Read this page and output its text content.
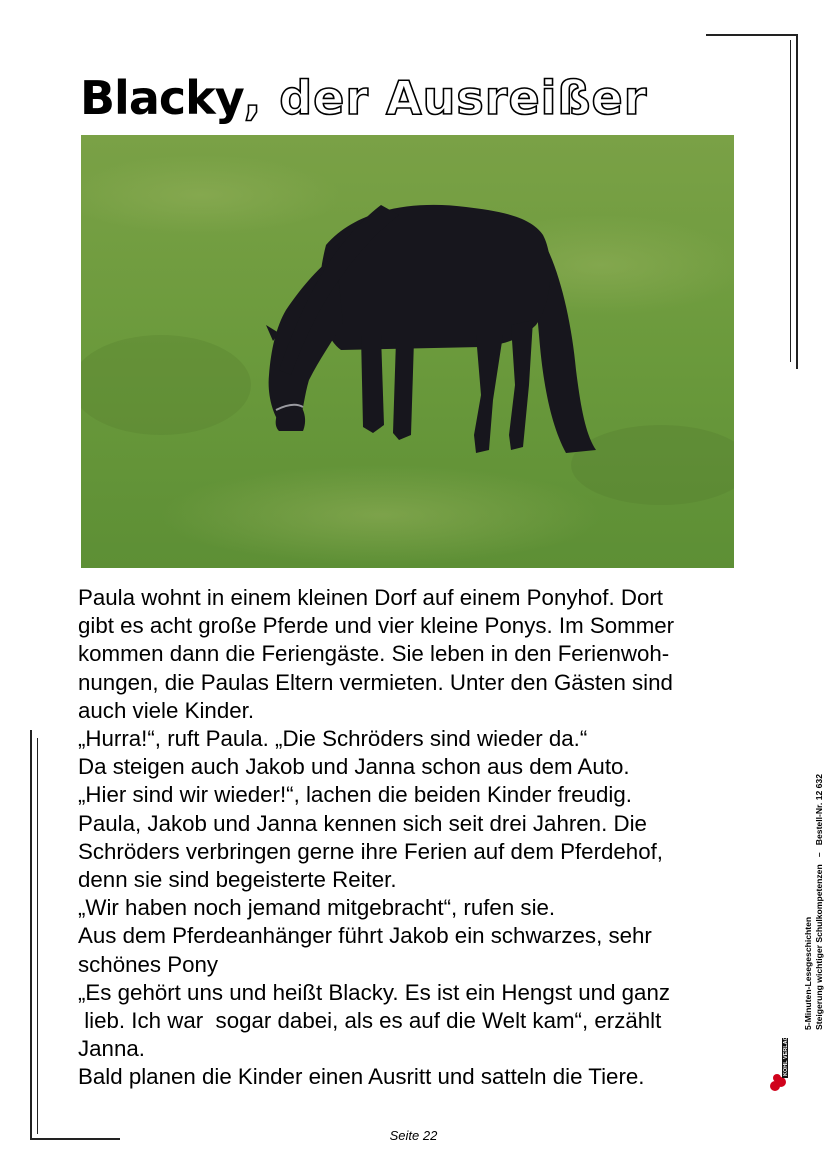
Blacky, der Ausreißer

Paula wohnt in einem kleinen Dorf auf einem Ponyhof. Dort

gibt es acht große Pferde und vier kleine Ponys. Im Sommer

kommen dann die Feriengäste. Sie leben in den Ferienwoh-

nungen, die Paulas Eltern vermieten. Unter den Gästen sind

auch viele Kinder.

„Hurra!“, ruft Paula. „Die Schröders sind wieder da.“

Da steigen auch Jakob und Janna schon aus dem Auto.

„Hier sind wir wieder!“, lachen die beiden Kinder freudig.

Paula, Jakob und Janna kennen sich seit drei Jahren. Die

Schröders verbringen gerne ihre Ferien auf dem Pferdehof,

denn sie sind begeisterte Reiter.

„Wir haben noch jemand mitgebracht“, rufen sie.

Aus dem Pferdeanhänger führt Jakob ein schwarzes, sehr

schönes Pony

„Es gehört uns und heißt Blacky. Es ist ein Hengst und ganz

lieb. Ich war  sogar dabei, als es auf die Welt kam“, erzählt

Janna.

Bald planen die Kinder einen Ausritt und satteln die Tiere.

5-Minuten-Lesegeschichten Steigerung wichtiger Schulkompetenzen   –   Bestell-Nr. 12 632
KOHL VERLAG
Seite 22
